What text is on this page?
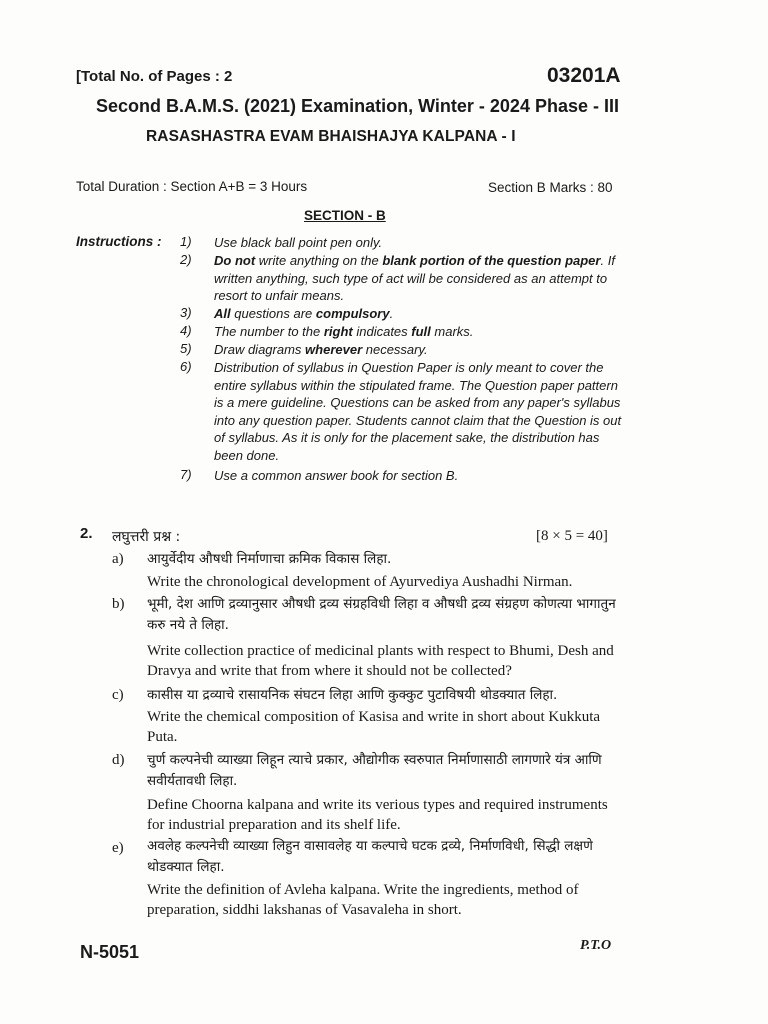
[Total No. of Pages : 2	03201A
Second B.A.M.S. (2021) Examination, Winter - 2024 Phase - III
RASASHASTRA EVAM BHAISHAJYA KALPANA - I
Total Duration : Section A+B = 3 Hours	Section B Marks : 80
SECTION - B
Instructions : 1) Use black ball point pen only.
2) Do not write anything on the blank portion of the question paper. If written anything, such type of act will be considered as an attempt to resort to unfair means.
3) All questions are compulsory.
4) The number to the right indicates full marks.
5) Draw diagrams wherever necessary.
6) Distribution of syllabus in Question Paper is only meant to cover the entire syllabus within the stipulated frame. The Question paper pattern is a mere guideline. Questions can be asked from any paper's syllabus into any question paper. Students cannot claim that the Question is out of syllabus. As it is only for the placement sake, the distribution has been done.
7) Use a common answer book for section B.
2. लघुत्तरी प्रश्न :	[8 × 5 = 40]
a) आयुर्वेदीय औषधी निर्माणाचा क्रमिक विकास लिहा.
Write the chronological development of Ayurvediya Aushadhi Nirman.
b) भूमी, देश आणि द्रव्यानुसार औषधी द्रव्य संग्रहविधी लिहा व औषधी द्रव्य संग्रहण कोणत्या भागातुन करु नये ते लिहा.
Write collection practice of medicinal plants with respect to Bhumi, Desh and Dravya and write that from where it should not be collected?
c) कासीस या द्रव्याचे रासायनिक संघटन लिहा आणि कुक्कुट पुटाविषयी थोडक्यात लिहा.
Write the chemical composition of Kasisa and write in short about Kukkuta Puta.
d) चुर्ण कल्पनेची व्याख्या लिहून त्याचे प्रकार, औद्योगीक स्वरुपात निर्माणासाठी लागणारे यंत्र आणि सवीर्यतावधी लिहा.
Define Choorna kalpana and write its verious types and required instruments for industrial preparation and its shelf life.
e) अवलेह कल्पनेची व्याख्या लिहुन वासावलेह या कल्पाचे घटक द्रव्ये, निर्माणविधी, सिद्धी लक्षणे थोडक्यात लिहा.
Write the definition of Avleha kalpana. Write the ingredients, method of preparation, siddhi lakshanas of Vasavaleha in short.
N-5051	P.T.O
